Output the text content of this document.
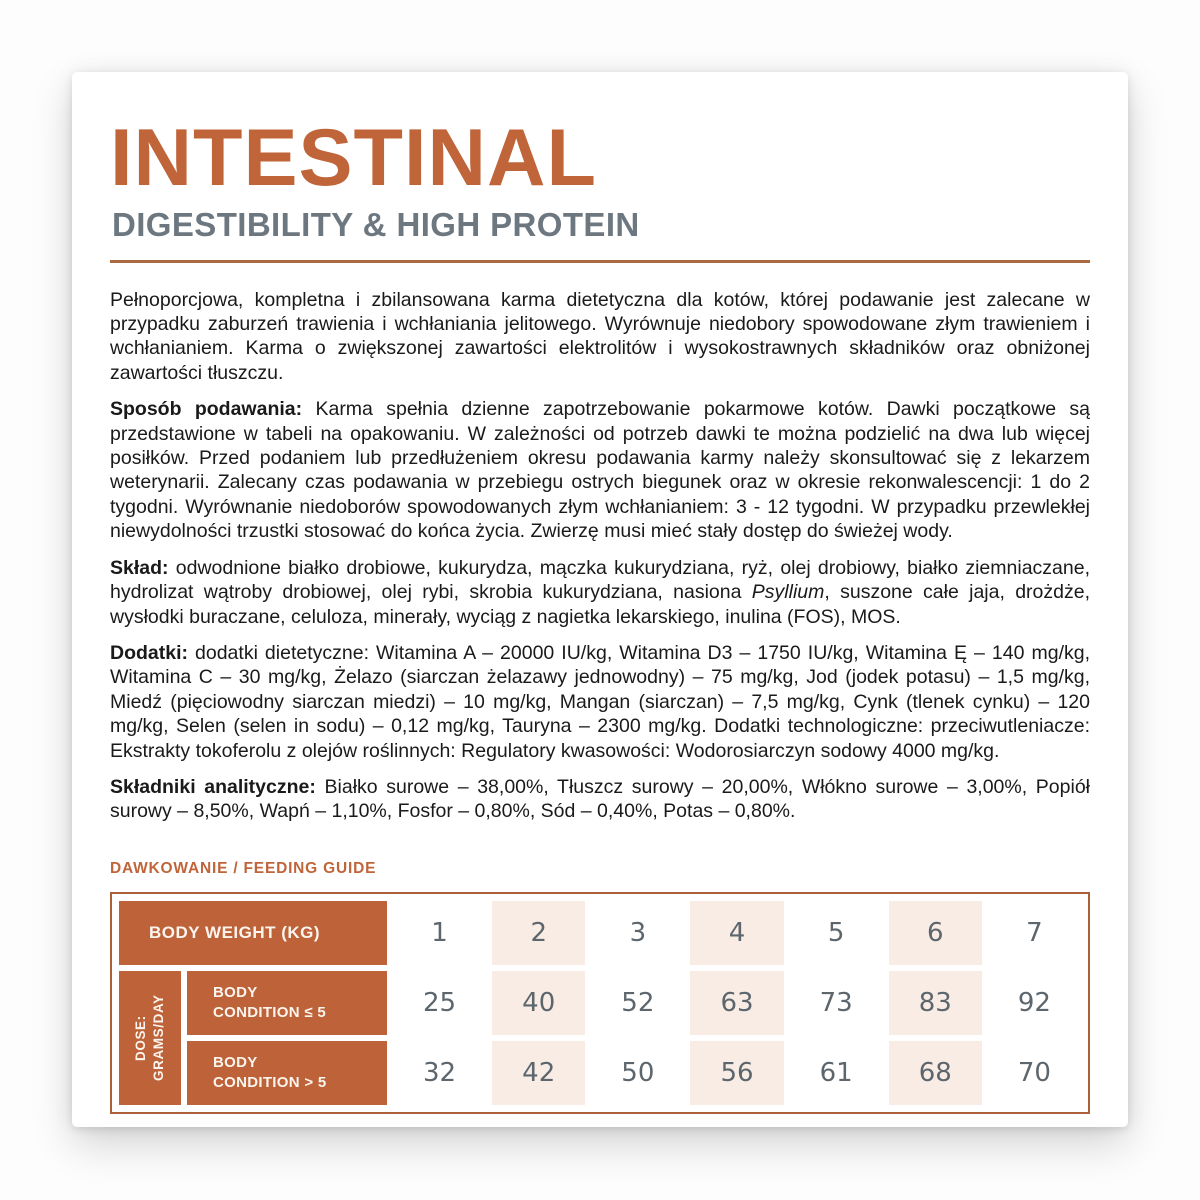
INTESTINAL
DIGESTIBILITY & HIGH PROTEIN

Pełnoporcjowa, kompletna i zbilansowana karma dietetyczna dla kotów, której podawanie jest zalecane w przypadku zaburzeń trawienia i wchłaniania jelitowego. Wyrównuje niedobory spowodowane złym trawieniem i wchłanianiem. Karma o zwiększonej zawartości elektrolitów i wysokostrawnych składników oraz obniżonej zawartości tłuszczu.

Sposób podawania: Karma spełnia dzienne zapotrzebowanie pokarmowe kotów. Dawki początkowe są przedstawione w tabeli na opakowaniu. W zależności od potrzeb dawki te można podzielić na dwa lub więcej posiłków. Przed podaniem lub przedłużeniem okresu podawania karmy należy skonsultować się z lekarzem weterynarii. Zalecany czas podawania w przebiegu ostrych biegunek oraz w okresie rekonwalescencji: 1 do 2 tygodni. Wyrównanie niedoborów spowodowanych złym wchłanianiem: 3 - 12 tygodni. W przypadku przewlekłej niewydolności trzustki stosować do końca życia. Zwierzę musi mieć stały dostęp do świeżej wody.

Skład: odwodnione białko drobiowe, kukurydza, mączka kukurydziana, ryż, olej drobiowy, białko ziemniaczane, hydrolizat wątroby drobiowej, olej rybi, skrobia kukurydziana, nasiona Psyllium, suszone całe jaja, drożdże, wysłodki buraczane, celuloza, minerały, wyciąg z nagietka lekarskiego, inulina (FOS), MOS.

Dodatki: dodatki dietetyczne: Witamina A – 20000 IU/kg, Witamina D3 – 1750 IU/kg, Witamina Ę – 140 mg/kg, Witamina C – 30 mg/kg, Żelazo (siarczan żelazawy jednowodny) – 75 mg/kg, Jod (jodek potasu) – 1,5 mg/kg, Miedź (pięciowodny siarczan miedzi) – 10 mg/kg, Mangan (siarczan) – 7,5 mg/kg, Cynk (tlenek cynku) – 120 mg/kg, Selen (selen in sodu) – 0,12 mg/kg, Tauryna – 2300 mg/kg. Dodatki technologiczne: przeciwutleniacze: Ekstrakty tokoferolu z olejów roślinnych: Regulatory kwasowości: Wodorosiarczyn sodowy 4000 mg/kg.

Składniki analityczne: Białko surowe – 38,00%, Tłuszcz surowy – 20,00%, Włókno surowe – 3,00%, Popiół surowy – 8,50%, Wapń – 1,10%, Fosfor – 0,80%, Sód – 0,40%, Potas – 0,80%.

DAWKOWANIE / FEEDING GUIDE
BODY WEIGHT (KG)	1	2	3	4	5	6	7
DOSE: GRAMS/DAY
BODY
CONDITION ≤ 5	25	40	52	63	73	83	92
BODY
CONDITION > 5	32	42	50	56	61	68	70
